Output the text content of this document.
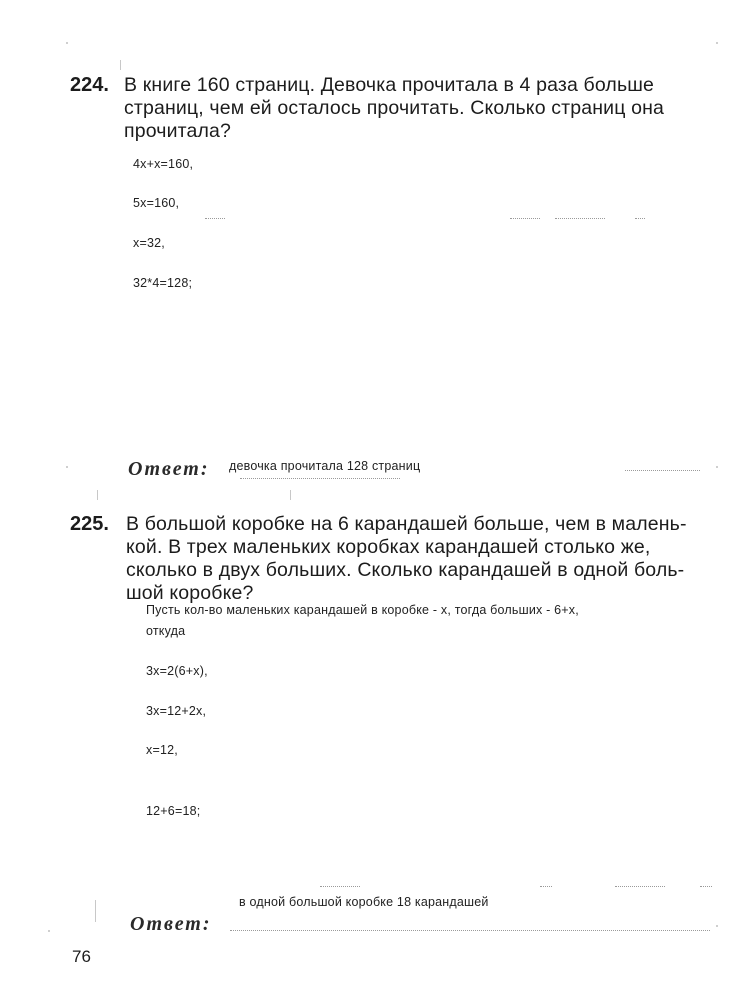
224. В книге 160 страниц. Девочка прочитала в 4 раза больше
страниц, чем ей осталось прочитать. Сколько страниц она
прочитала?
4x+x=160,
5x=160,
x=32,
32*4=128;
Ответ: девочка прочитала 128 страниц
225. В большой коробке на 6 карандашей больше, чем в малень-
кой. В трех маленьких коробках карандашей столько же,
сколько в двух больших. Сколько карандашей в одной боль-
шой коробке?
Пусть кол-во маленьких карандашей в коробке - x, тогда больших - 6+x,
откуда
3x=2(6+x),
3x=12+2x,
x=12,
12+6=18;
в одной большой коробке 18 карандашей
Ответ:
76
